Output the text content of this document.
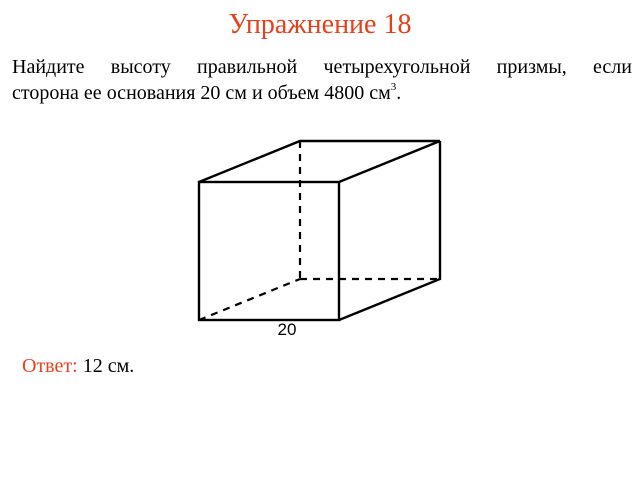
Упражнение 18
Найдите высоту правильной четырехугольной призмы, если
сторона ее основания 20 см и объем 4800 $см^3$.
20
Ответ: 12 см.
